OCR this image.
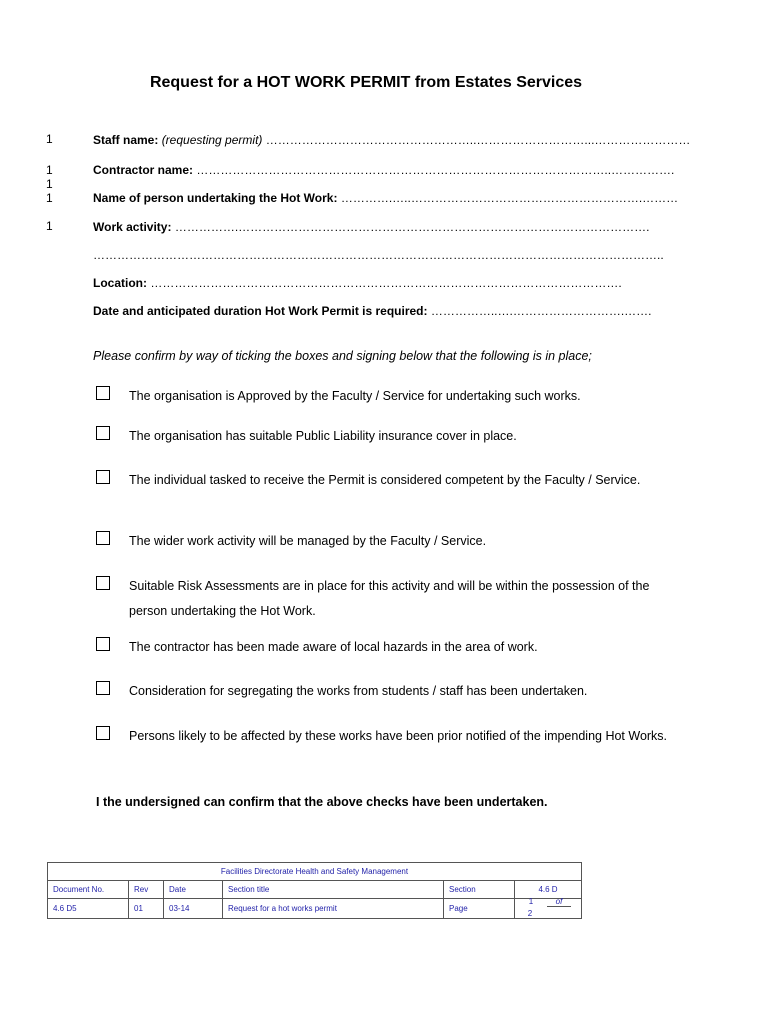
Request for a HOT WORK PERMIT from Estates Services
1
1
1
1
1
Staff name: (requesting permit) ……………………………………………..………………………...……………………
Contractor name: …………………………………………………………………………………………..…………….
Name of person undertaking the Hot Work: ………….…..………………………………………………….………
Work activity: …………….………………………………………………………………………………………….
……………………………………………………………………………………………………………………………..
Location: ……………………………………………………………………………………………………….
Date and anticipated duration Hot Work Permit is required: ……………..….……………………….…….
Please confirm by way of ticking the boxes and signing below that the following is in place;
The organisation is Approved by the Faculty / Service for undertaking such works.
The organisation has suitable Public Liability insurance cover in place.
The individual tasked to receive the Permit is considered competent by the Faculty / Service.
The wider work activity will be managed by the Faculty / Service.
Suitable Risk Assessments are in place for this activity and will be within the possession of the person undertaking the Hot Work.
The contractor has been made aware of local hazards in the area of work.
Consideration for segregating the works from students / staff has been undertaken.
Persons likely to be affected by these works have been prior notified of the impending Hot Works.
I the undersigned can confirm that the above checks have been undertaken.
Facilities Directorate Health and Safety Management					
Document No.	Rev	Date	Section title	Section	4.6 D
4.6 D5	01	03-14	Request for a hot works permit	Page	1 of2
